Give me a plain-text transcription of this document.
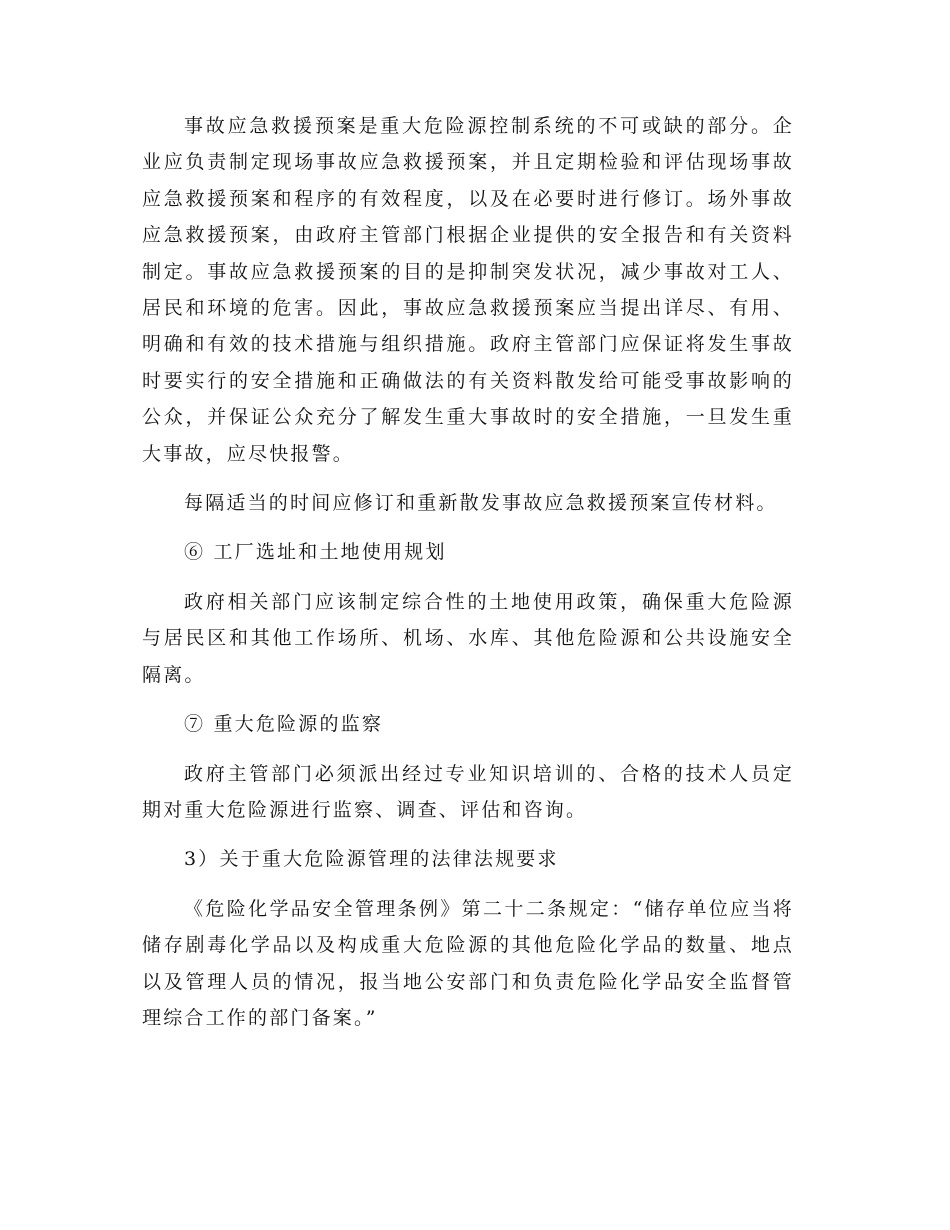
事故应急救援预案是重大危险源控制系统的不可或缺的部分。企业应负责制定现场事故应急救援预案，并且定期检验和评估现场事故应急救援预案和程序的有效程度，以及在必要时进行修订。场外事故应急救援预案，由政府主管部门根据企业提供的安全报告和有关资料制定。事故应急救援预案的目的是抑制突发状况，减少事故对工人、居民和环境的危害。因此，事故应急救援预案应当提出详尽、有用、明确和有效的技术措施与组织措施。政府主管部门应保证将发生事故时要实行的安全措施和正确做法的有关资料散发给可能受事故影响的公众，并保证公众充分了解发生重大事故时的安全措施，一旦发生重大事故，应尽快报警。

每隔适当的时间应修订和重新散发事故应急救援预案宣传材料。

⑥ 工厂选址和土地使用规划

政府相关部门应该制定综合性的土地使用政策，确保重大危险源与居民区和其他工作场所、机场、水库、其他危险源和公共设施安全隔离。

⑦ 重大危险源的监察

政府主管部门必须派出经过专业知识培训的、合格的技术人员定期对重大危险源进行监察、调查、评估和咨询。

3）关于重大危险源管理的法律法规要求

《危险化学品安全管理条例》第二十二条规定：“储存单位应当将储存剧毒化学品以及构成重大危险源的其他危险化学品的数量、地点以及管理人员的情况，报当地公安部门和负责危险化学品安全监督管理综合工作的部门备案。”
